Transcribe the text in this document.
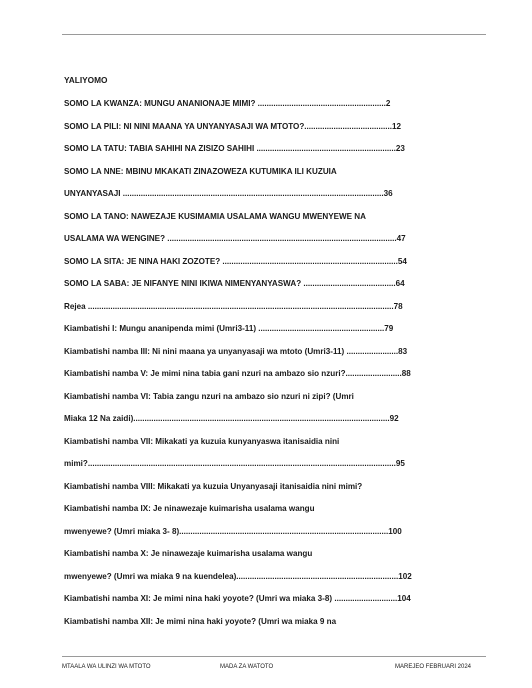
YALIYOMO
SOMO LA KWANZA: MUNGU ANANIONAJE MIMI? .........................................................2
SOMO LA PILI: NI NINI MAANA YA UNYANYASAJI WA MTOTO?.......................................12
SOMO LA TATU: TABIA SAHIHI NA ZISIZO SAHIHI ..............................................................23
SOMO LA NNE: MBINU MKAKATI ZINAZOWEZA KUTUMIKA ILI KUZUIA
UNYANYASAJI ....................................................................................................................36
SOMO LA TANO: NAWEZAJE KUSIMAMIA USALAMA WANGU MWENYEWE NA
USALAMA WA WENGINE? ......................................................................................................47
SOMO LA SITA: JE NINA HAKI ZOZOTE? ..............................................................................54
SOMO LA SABA: JE NIFANYE NINI IKIWA NIMENYANYASWA? .........................................64
Rejea ........................................................................................................................................78
Kiambatishi I: Mungu ananipenda mimi (Umri3-11) ........................................................79
Kiambatishi namba III: Ni nini maana ya unyanyasaji wa mtoto (Umri3-11) .......................83
Kiambatishi namba V: Je mimi nina tabia gani nzuri na ambazo sio nzuri?.........................88
Kiambatishi namba VI: Tabia zangu nzuri na ambazo sio nzuri ni zipi? (Umri
Miaka 12 Na zaidi)..................................................................................................................92
Kiambatishi namba VII: Mikakati ya kuzuia kunyanyaswa itanisaidia nini
mimi?.........................................................................................................................................95
Kiambatishi namba VIII: Mikakati ya kuzuia Unyanyasaji itanisaidia nini mimi?
Kiambatishi namba IX: Je ninawezaje kuimarisha usalama wangu
mwenyewe? (Umri miaka 3- 8).............................................................................................100
Kiambatishi namba X: Je ninawezaje kuimarisha usalama wangu
mwenyewe? (Umri wa miaka 9 na kuendelea)........................................................................102
Kiambatishi namba XI: Je mimi nina haki yoyote? (Umri wa miaka 3-8) ............................104
Kiambatishi namba XII: Je mimi nina haki yoyote? (Umri wa miaka 9 na
MTAALA WA ULINZI WA MTOTO	MADA ZA WATOTO	MAREJEO FEBRUARI 2024
